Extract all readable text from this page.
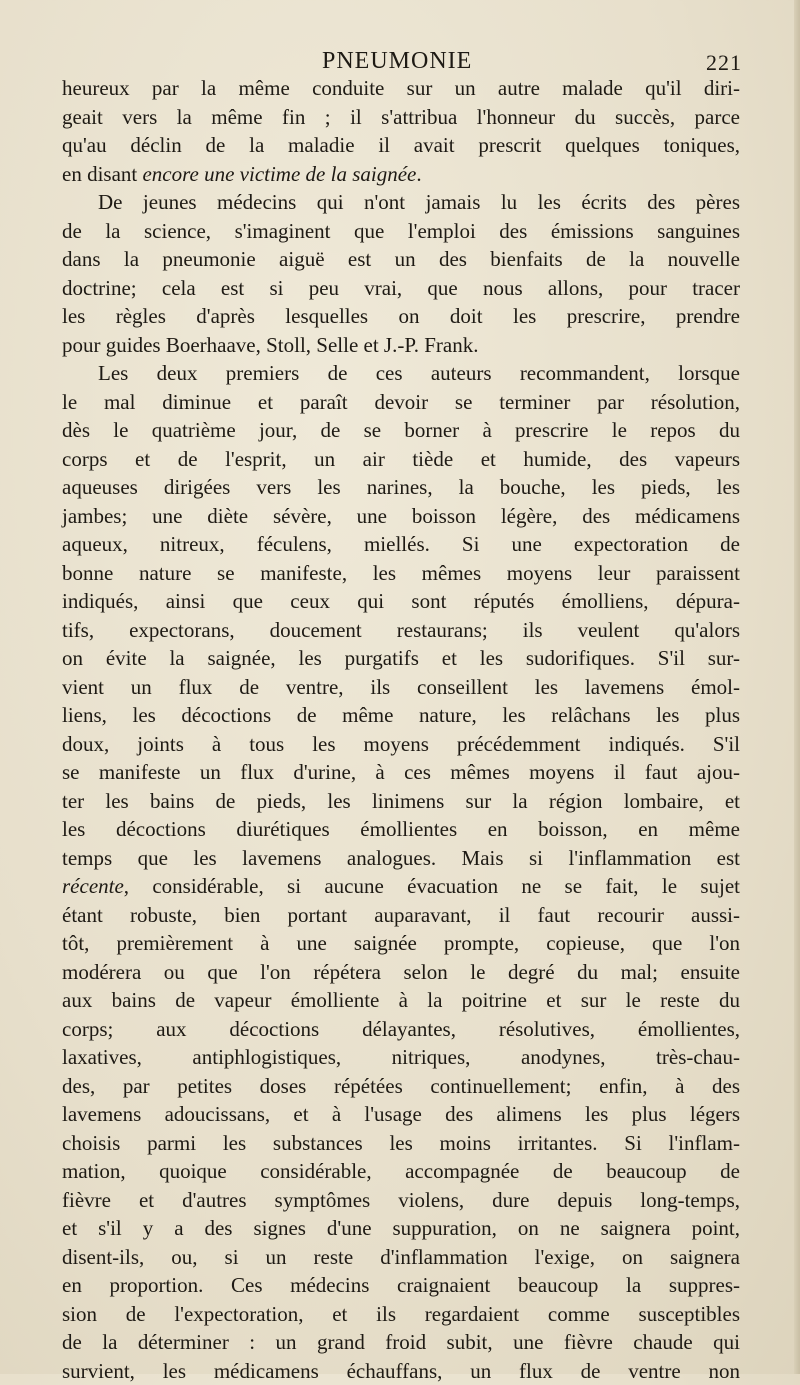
PNEUMONIE	221
heureux par la même conduite sur un autre malade qu'il diri-
geait vers la même fin ; il s'attribua l'honneur du succès, parce
qu'au déclin de la maladie il avait prescrit quelques toniques,
en disant encore une victime de la saignée.
De jeunes médecins qui n'ont jamais lu les écrits des pères
de la science, s'imaginent que l'emploi des émissions sanguines
dans la pneumonie aiguë est un des bienfaits de la nouvelle
doctrine; cela est si peu vrai, que nous allons, pour tracer
les règles d'après lesquelles on doit les prescrire, prendre
pour guides Boerhaave, Stoll, Selle et J.-P. Frank.
Les deux premiers de ces auteurs recommandent, lorsque
le mal diminue et paraît devoir se terminer par résolution,
dès le quatrième jour, de se borner à prescrire le repos du
corps et de l'esprit, un air tiède et humide, des vapeurs
aqueuses dirigées vers les narines, la bouche, les pieds, les
jambes; une diète sévère, une boisson légère, des médicamens
aqueux, nitreux, féculens, miellés. Si une expectoration de
bonne nature se manifeste, les mêmes moyens leur paraissent
indiqués, ainsi que ceux qui sont réputés émolliens, dépura-
tifs, expectorans, doucement restaurans; ils veulent qu'alors
on évite la saignée, les purgatifs et les sudorifiques. S'il sur-
vient un flux de ventre, ils conseillent les lavemens émol-
liens, les décoctions de même nature, les relâchans les plus
doux, joints à tous les moyens précédemment indiqués. S'il
se manifeste un flux d'urine, à ces mêmes moyens il faut ajou-
ter les bains de pieds, les linimens sur la région lombaire, et
les décoctions diurétiques émollientes en boisson, en même
temps que les lavemens analogues. Mais si l'inflammation est
récente, considérable, si aucune évacuation ne se fait, le sujet
étant robuste, bien portant auparavant, il faut recourir aussi-
tôt, premièrement à une saignée prompte, copieuse, que l'on
modérera ou que l'on répétera selon le degré du mal; ensuite
aux bains de vapeur émolliente à la poitrine et sur le reste du
corps; aux décoctions délayantes, résolutives, émollientes,
laxatives, antiphlogistiques, nitriques, anodynes, très-chau-
des, par petites doses répétées continuellement; enfin, à des
lavemens adoucissans, et à l'usage des alimens les plus légers
choisis parmi les substances les moins irritantes. Si l'inflam-
mation, quoique considérable, accompagnée de beaucoup de
fièvre et d'autres symptômes violens, dure depuis long-temps,
et s'il y a des signes d'une suppuration, on ne saignera point,
disent-ils, ou, si un reste d'inflammation l'exige, on saignera
en proportion. Ces médecins craignaient beaucoup la suppres-
sion de l'expectoration, et ils regardaient comme susceptibles
de la déterminer : un grand froid subit, une fièvre chaude qui
survient, les médicamens échauffans, un flux de ventre non
